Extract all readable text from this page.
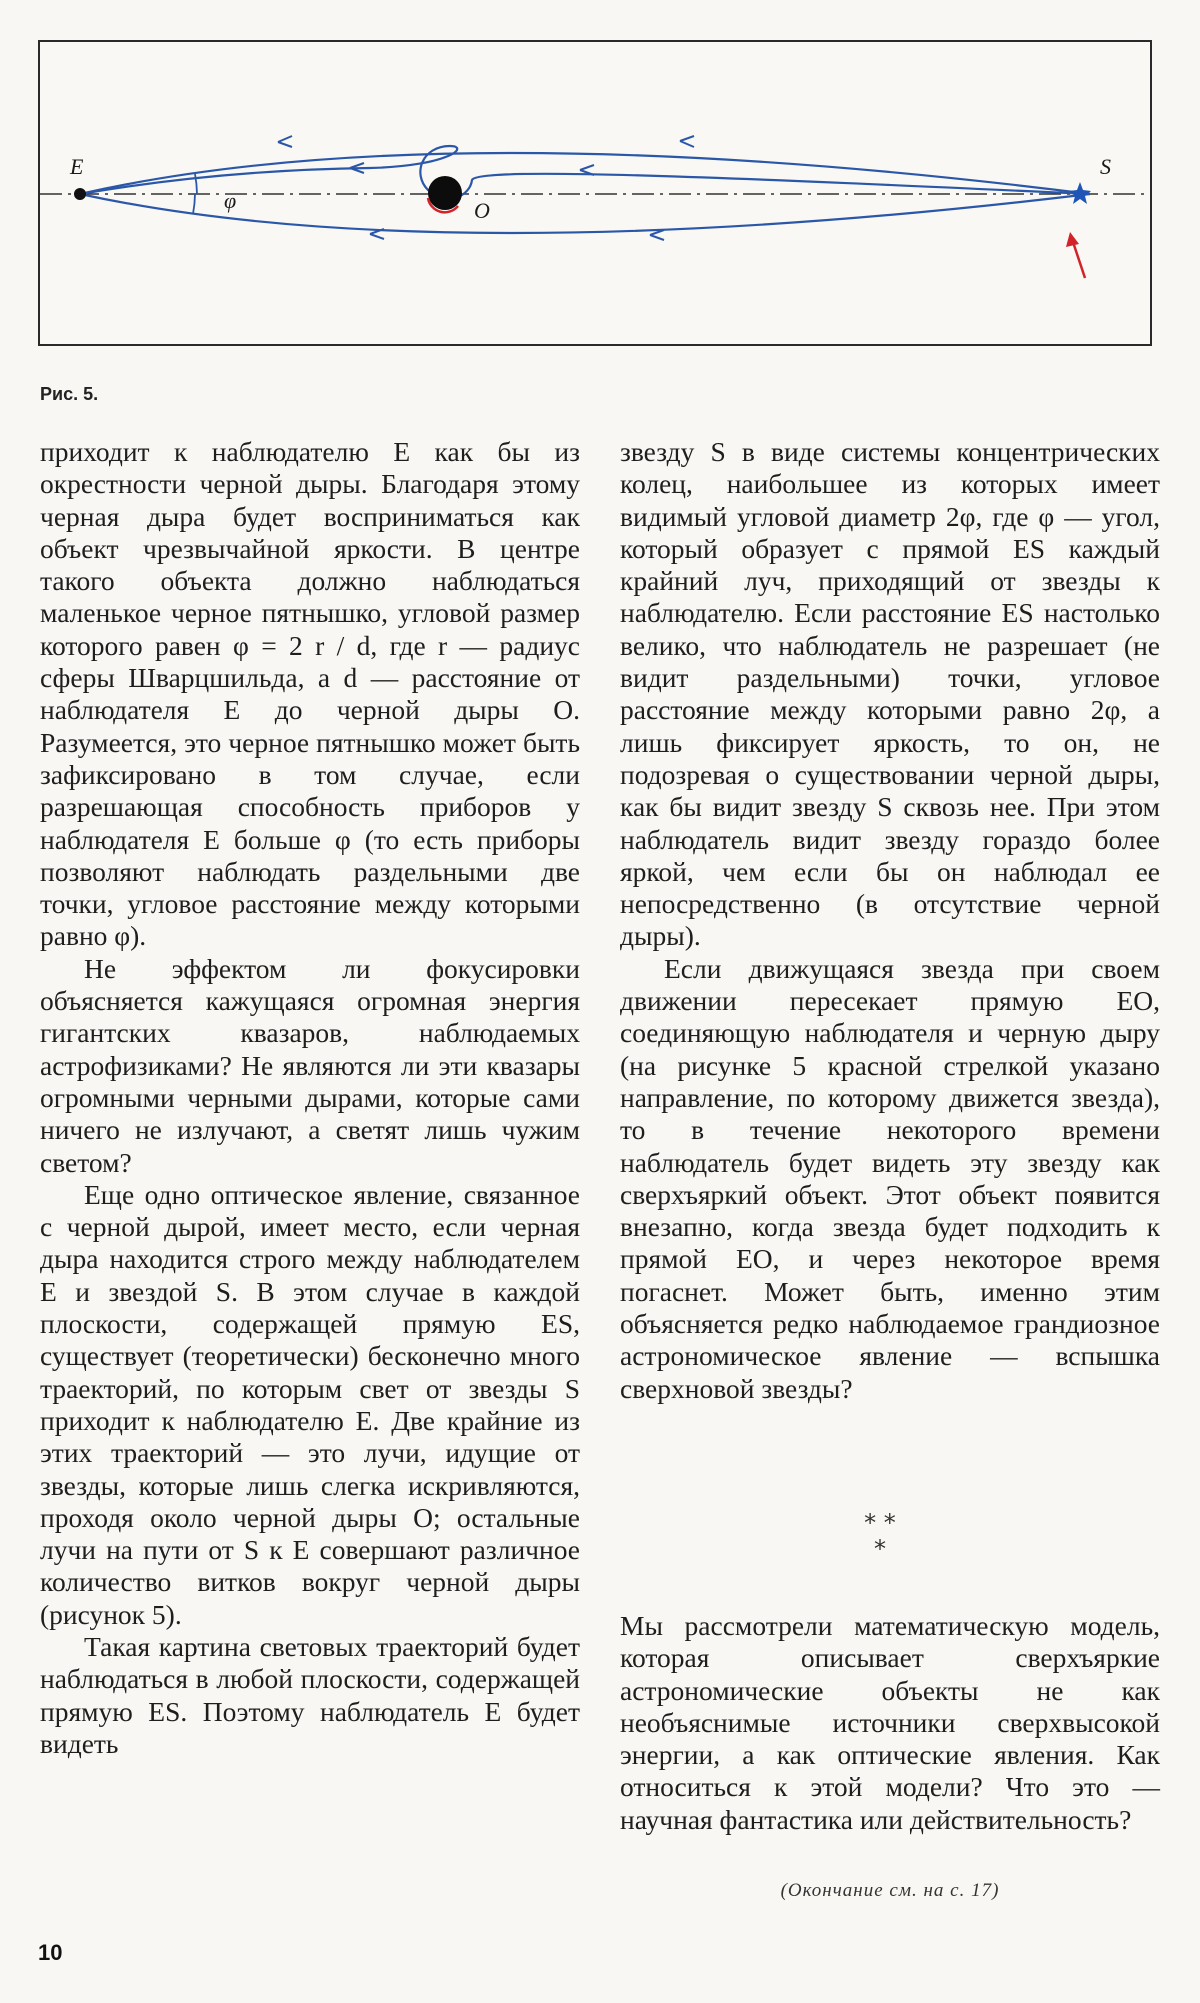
E	S
O
φ
Рис. 5.

приходит к наблюдателю E как бы из окрестности черной дыры. Благодаря этому черная дыра будет восприниматься как объект чрезвычайной яркости. В центре такого объекта должно наблюдаться маленькое черное пятнышко, угловой размер которого равен φ = 2 r / d, где r — радиус сферы Шварцшильда, а d — расстояние от наблюдателя E до черной дыры O. Разумеется, это черное пятнышко может быть зафиксировано в том случае, если разрешающая способность приборов у наблюдателя E больше φ (то есть приборы позволяют наблюдать раздельными две точки, угловое расстояние между которыми равно φ).

Не эффектом ли фокусировки объясняется кажущаяся огромная энергия гигантских квазаров, наблюдаемых астрофизиками? Не являются ли эти квазары огромными черными дырами, которые сами ничего не излучают, а светят лишь чужим светом?

Еще одно оптическое явление, связанное с черной дырой, имеет место, если черная дыра находится строго между наблюдателем E и звездой S. В этом случае в каждой плоскости, содержащей прямую ES, существует (теоретически) бесконечно много траекторий, по которым свет от звезды S приходит к наблюдателю E. Две крайние из этих траекторий — это лучи, идущие от звезды, которые лишь слегка искривляются, проходя около черной дыры O; остальные лучи на пути от S к E совершают различное количество витков вокруг черной дыры (рисунок 5).

Такая картина световых траекторий будет наблюдаться в любой плоскости, содержащей прямую ES. Поэтому наблюдатель E будет видеть

звезду S в виде системы концентрических колец, наибольшее из которых имеет видимый угловой диаметр 2φ, где φ — угол, который образует с прямой ES каждый крайний луч, приходящий от звезды к наблюдателю. Если расстояние ES настолько велико, что наблюдатель не разрешает (не видит раздельными) точки, угловое расстояние между которыми равно 2φ, а лишь фиксирует яркость, то он, не подозревая о существовании черной дыры, как бы видит звезду S сквозь нее. При этом наблюдатель видит звезду гораздо более яркой, чем если бы он наблюдал ее непосредственно (в отсутствие черной дыры).

Если движущаяся звезда при своем движении пересекает прямую EO, соединяющую наблюдателя и черную дыру (на рисунке 5 красной стрелкой указано направление, по которому движется звезда), то в течение некоторого времени наблюдатель будет видеть эту звезду как сверхъяркий объект. Этот объект появится внезапно, когда звезда будет подходить к прямой EO, и через некоторое время погаснет. Может быть, именно этим объясняется редко наблюдаемое грандиозное астрономическое явление — вспышка сверхновой звезды?

* *
*

Мы рассмотрели математическую модель, которая описывает сверхъяркие астрономические объекты не как необъяснимые источники сверхвысокой энергии, а как оптические явления. Как относиться к этой модели? Что это — научная фантастика или действительность?

(Окончание см. на с. 17)
10
